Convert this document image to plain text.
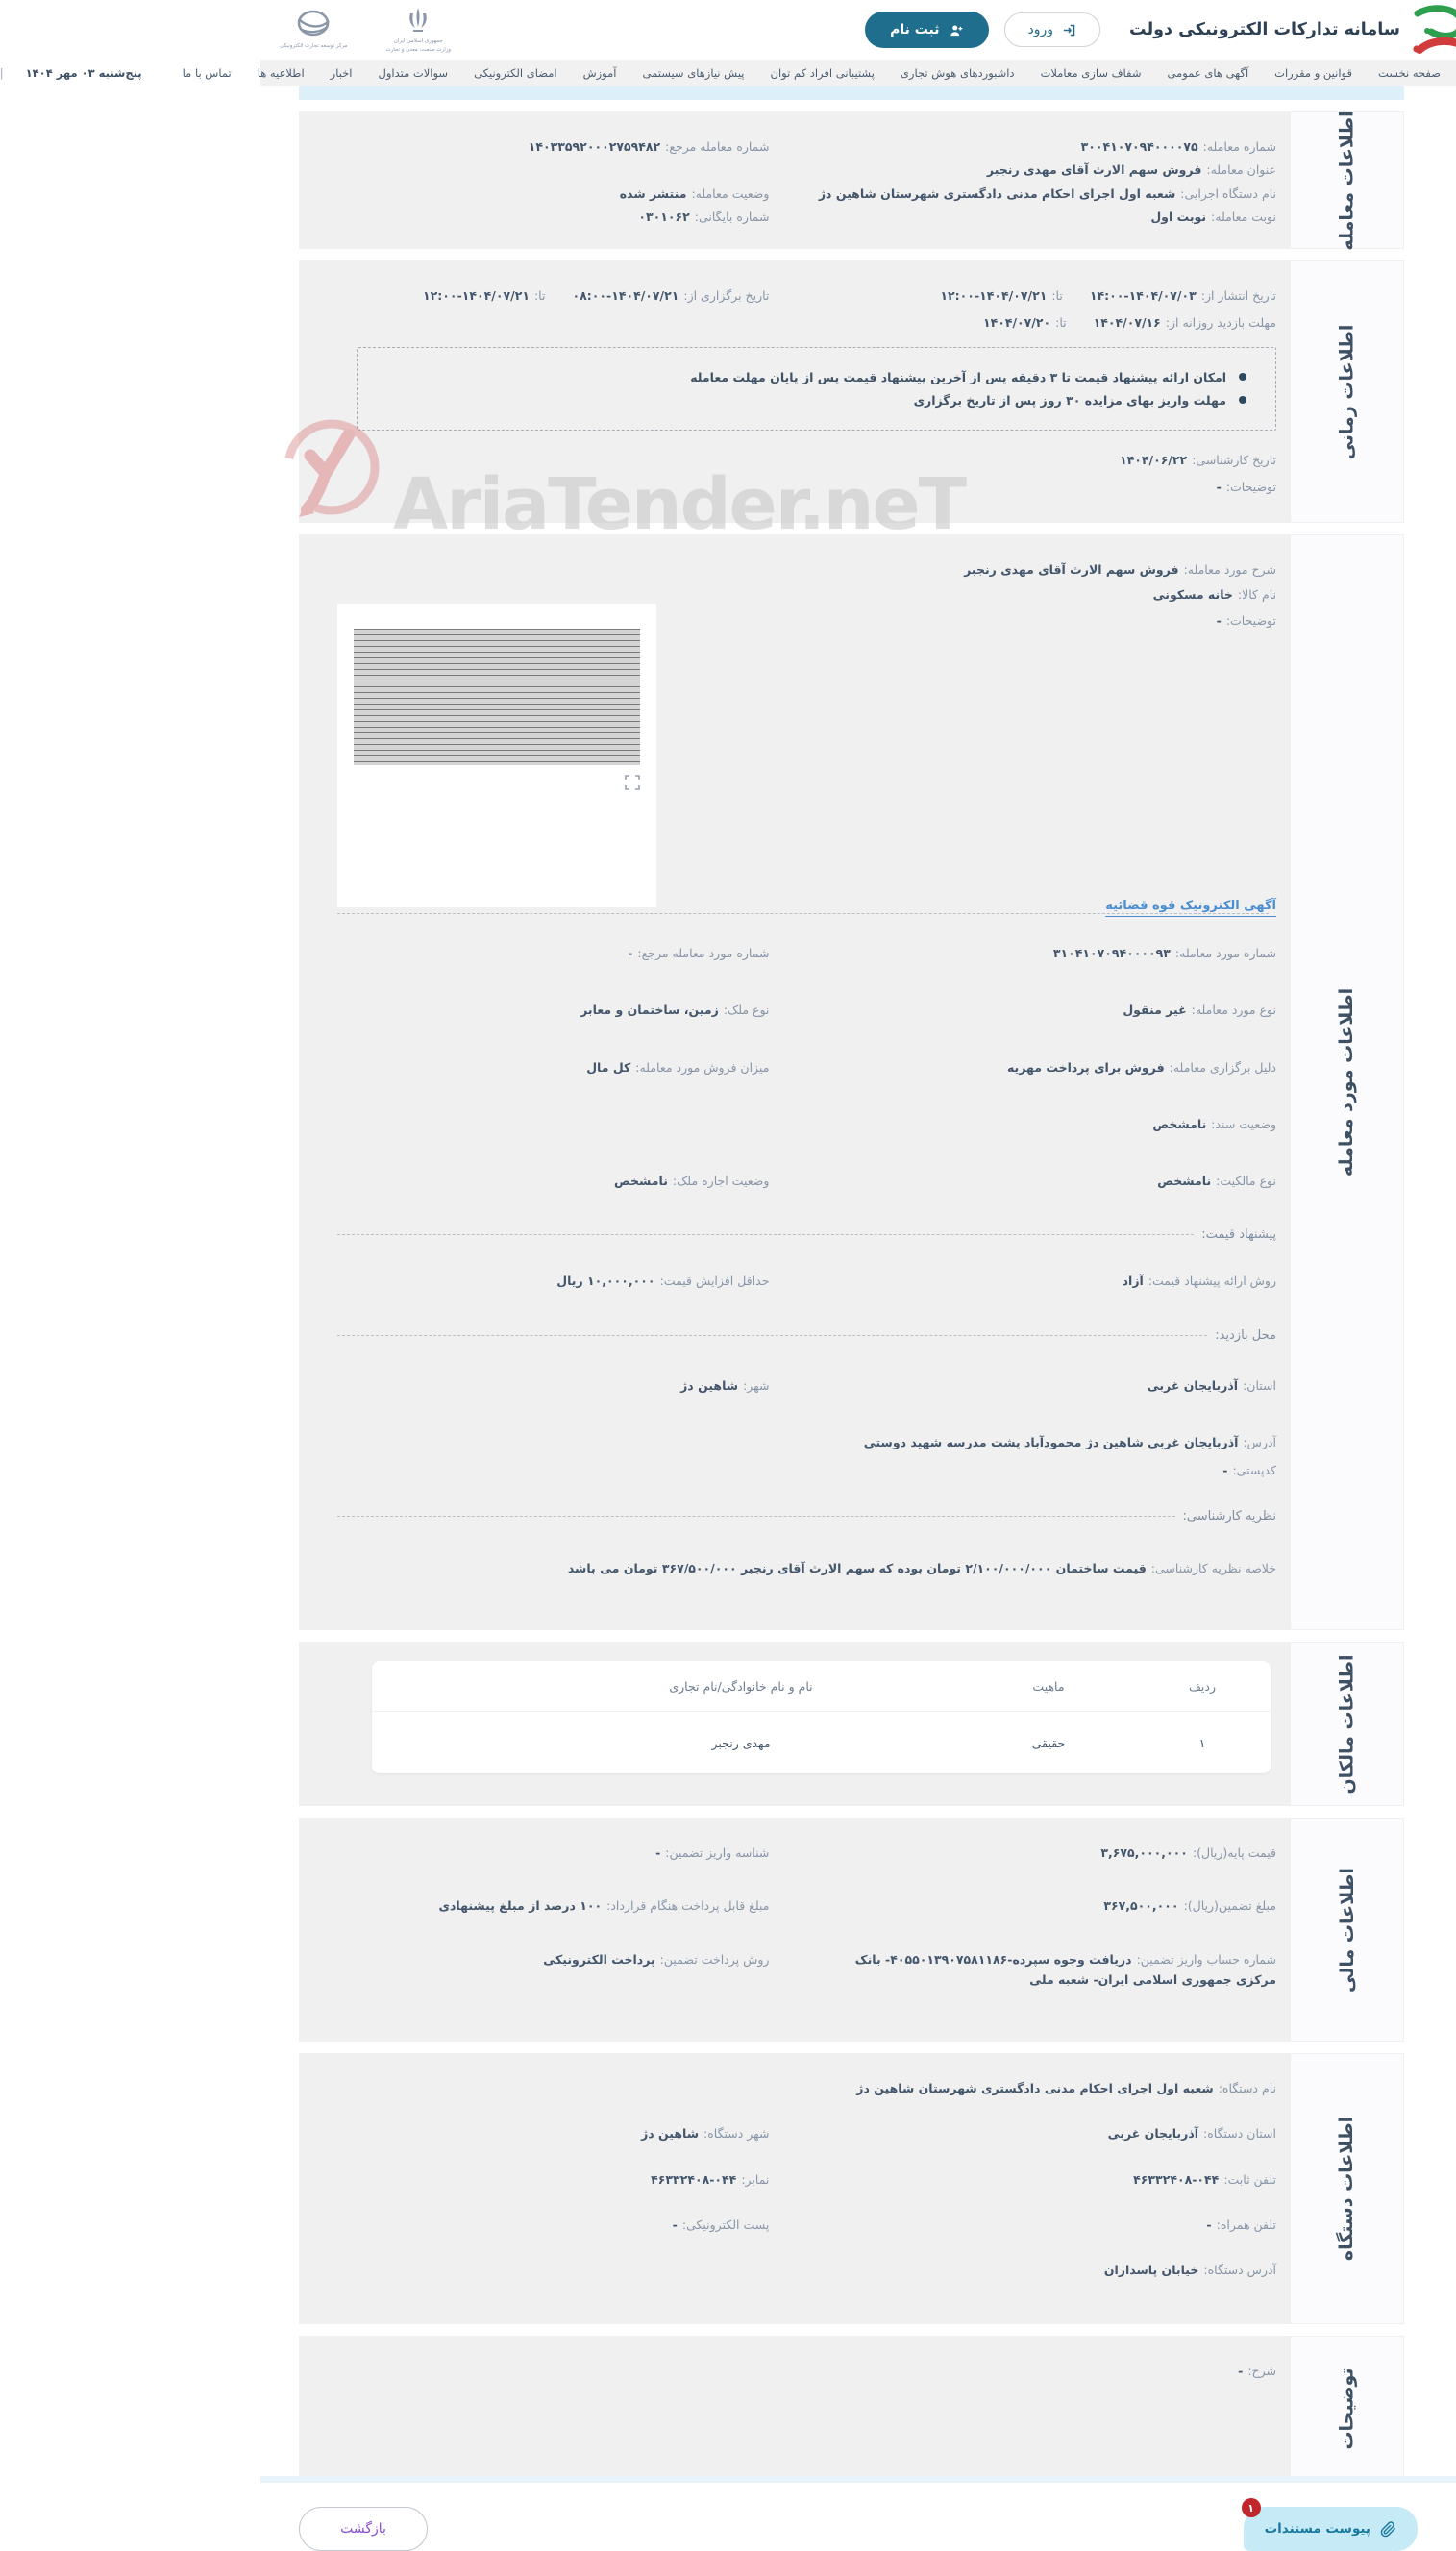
سامانه تدارکات الکترونیکی دولت
ورود
ثبت نام
جمهوری اسلامی ایران
وزارت صنعت، معدن و تجارت
مرکز توسعه تجارت الکترونیکی
صفحه نخست
قوانین و مقررات
آگهی های عمومی
شفاف سازی معاملات
داشبوردهای هوش تجاری
پشتیبانی افراد کم توان
پیش نیازهای سیستمی
آموزش
امضای الکترونیکی
سوالات متداول
اخبار
اطلاعیه ها
تماس با ما
پنج‌شنبه ۰۳ مهر ۱۴۰۴
|
اطلاعات معامله
شماره معامله:۳۰۰۴۱۰۷۰۹۴۰۰۰۰۷۵
شماره معامله مرجع:۱۴۰۳۳۵۹۲۰۰۰۲۷۵۹۴۸۲
عنوان معامله:فروش سهم الارث آقای مهدی رنجبر
نام دستگاه اجرایی:شعبه اول اجرای احکام مدنی دادگستری شهرستان شاهین دژ
وضعیت معامله:منتشر شده
نوبت معامله:نوبت اول
شماره بایگانی:۰۳۰۱۰۶۲
اطلاعات زمانی
تاریخ انتشار از:۱۴۰۴/۰۷/۰۳-۱۴:۰۰تا:۱۴۰۴/۰۷/۲۱-۱۲:۰۰
تاریخ برگزاری از:۱۴۰۴/۰۷/۲۱-۰۸:۰۰تا:۱۴۰۴/۰۷/۲۱-۱۲:۰۰
مهلت بازدید روزانه از:۱۴۰۴/۰۷/۱۶تا:۱۴۰۴/۰۷/۲۰
امکان ارائه پیشنهاد قیمت تا ۳ دقیقه پس از آخرین پیشنهاد قیمت پس از پایان مهلت معامله
مهلت واریز بهای مزایده ۳۰ روز پس از تاریخ برگزاری
تاریخ کارشناسی:۱۴۰۴/۰۶/۲۲
توضیحات:-
اطلاعات مورد معامله
شرح مورد معامله:فروش سهم الارث آقای مهدی رنجبر
نام کالا:خانه مسکونی
توضیحات:-
آگهی الکترونیک قوه قضائیه
شماره مورد معامله:۳۱۰۴۱۰۷۰۹۴۰۰۰۰۹۳
شماره مورد معامله مرجع:-
نوع مورد معامله:غیر منقول
نوع ملک:زمین، ساختمان و معابر
دلیل برگزاری معامله:فروش برای پرداخت مهریه
میزان فروش مورد معامله:کل مال
وضعیت سند:نامشخص
نوع مالکیت:نامشخص
وضعیت اجاره ملک:نامشخص
پیشنهاد قیمت:
روش ارائه پیشنهاد قیمت:آزاد
حداقل افزایش قیمت:۱۰,۰۰۰,۰۰۰ ریال
محل بازدید:
استان:آذربایجان غربی
شهر:شاهین دژ
آدرس:آذربایجان غربی شاهین دژ محمودآباد پشت مدرسه شهید دوستی
کدپستی:-
نظریه کارشناسی:
خلاصه نظریه کارشناسی:قیمت ساختمان ۲/۱۰۰/۰۰۰/۰۰۰ تومان بوده که سهم الارث آقای رنجبر ۳۶۷/۵۰۰/۰۰۰ تومان می باشد
اطلاعات مالکان
ردیف
ماهیت
نام و نام خانوادگی/نام تجاری
۱
حقیقی
مهدی رنجبر
اطلاعات مالی
قیمت پایه(ریال):۳,۶۷۵,۰۰۰,۰۰۰
شناسه واریز تضمین:-
مبلغ تضمین(ریال):۳۶۷,۵۰۰,۰۰۰
مبلغ قابل پرداخت هنگام قرارداد:۱۰۰ درصد از مبلغ پیشنهادی
شماره حساب واریز تضمین:دریافت وجوه سپرده-۴۰۵۵۰۱۳۹۰۷۵۸۱۱۸۶- بانک مرکزی جمهوری اسلامی ایران- شعبه ملی
روش پرداخت تضمین:پرداخت الکترونیکی
اطلاعات دستگاه
نام دستگاه:شعبه اول اجرای احکام مدنی دادگستری شهرستان شاهین دژ
استان دستگاه:آذربایجان غربی
شهر دستگاه:شاهین دژ
تلفن ثابت:۰۴۴-۴۶۳۳۲۴۰۸
نمابر:۰۴۴-۴۶۳۳۲۴۰۸
تلفن همراه:-
پست الکترونیکی:-
آدرس دستگاه:خیابان پاسداران
توضیحات
شرح:-
۱
پیوست مستندات
بازگشت
AriaTender.neT
